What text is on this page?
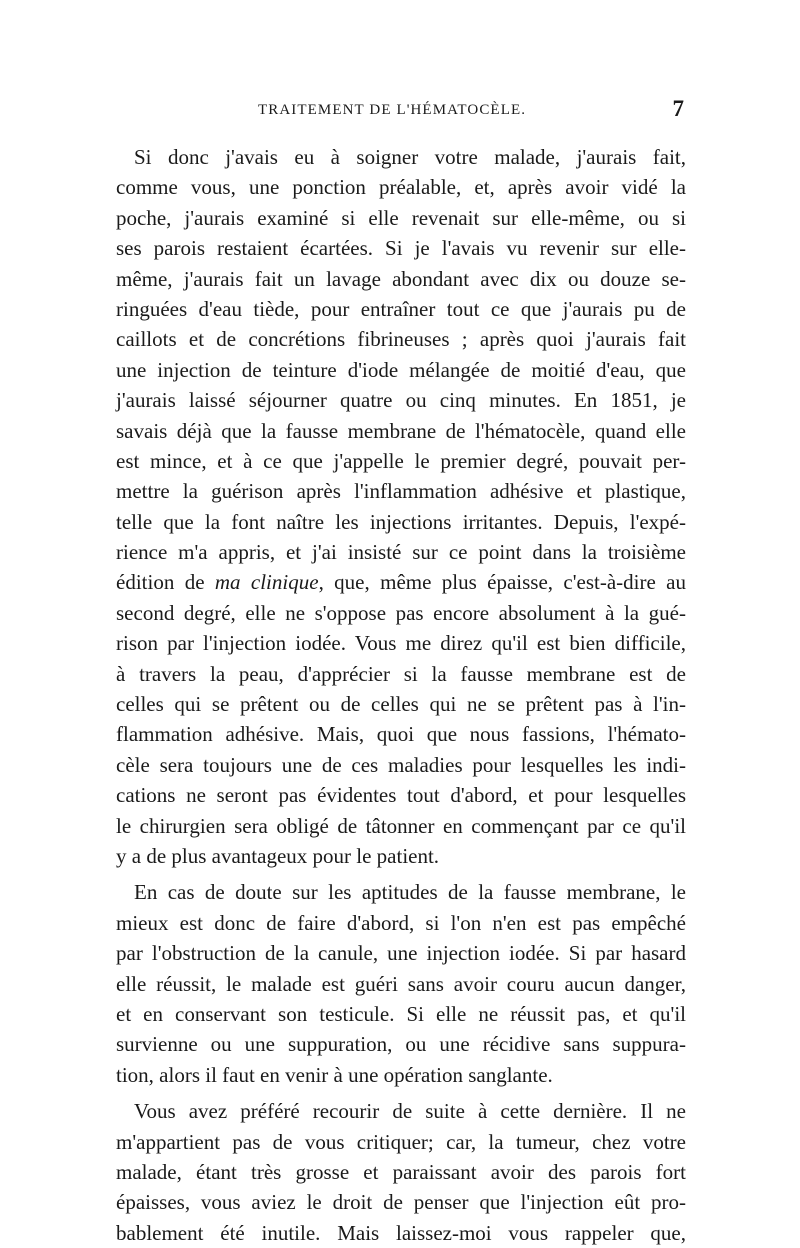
TRAITEMENT DE L'HÉMATOCÈLE.	7
Si donc j'avais eu à soigner votre malade, j'aurais fait,
comme vous, une ponction préalable, et, après avoir vidé la
poche, j'aurais examiné si elle revenait sur elle-même, ou si
ses parois restaient écartées. Si je l'avais vu revenir sur elle-
même, j'aurais fait un lavage abondant avec dix ou douze se-
ringuées d'eau tiède, pour entraîner tout ce que j'aurais pu de
caillots et de concrétions fibrineuses ; après quoi j'aurais fait
une injection de teinture d'iode mélangée de moitié d'eau, que
j'aurais laissé séjourner quatre ou cinq minutes. En 1851, je
savais déjà que la fausse membrane de l'hématocèle, quand elle
est mince, et à ce que j'appelle le premier degré, pouvait per-
mettre la guérison après l'inflammation adhésive et plastique,
telle que la font naître les injections irritantes. Depuis, l'expé-
rience m'a appris, et j'ai insisté sur ce point dans la troisième
édition de ma clinique, que, même plus épaisse, c'est-à-dire au
second degré, elle ne s'oppose pas encore absolument à la gué-
rison par l'injection iodée. Vous me direz qu'il est bien difficile,
à travers la peau, d'apprécier si la fausse membrane est de
celles qui se prêtent ou de celles qui ne se prêtent pas à l'in-
flammation adhésive. Mais, quoi que nous fassions, l'hémato-
cèle sera toujours une de ces maladies pour lesquelles les indi-
cations ne seront pas évidentes tout d'abord, et pour lesquelles
le chirurgien sera obligé de tâtonner en commençant par ce qu'il
y a de plus avantageux pour le patient.
En cas de doute sur les aptitudes de la fausse membrane, le
mieux est donc de faire d'abord, si l'on n'en est pas empêché
par l'obstruction de la canule, une injection iodée. Si par hasard
elle réussit, le malade est guéri sans avoir couru aucun danger,
et en conservant son testicule. Si elle ne réussit pas, et qu'il
survienne ou une suppuration, ou une récidive sans suppura-
tion, alors il faut en venir à une opération sanglante.
Vous avez préféré recourir de suite à cette dernière. Il ne
m'appartient pas de vous critiquer; car, la tumeur, chez votre
malade, étant très grosse et paraissant avoir des parois fort
épaisses, vous aviez le droit de penser que l'injection eût pro-
bablement été inutile. Mais laissez-moi vous rappeler que,
